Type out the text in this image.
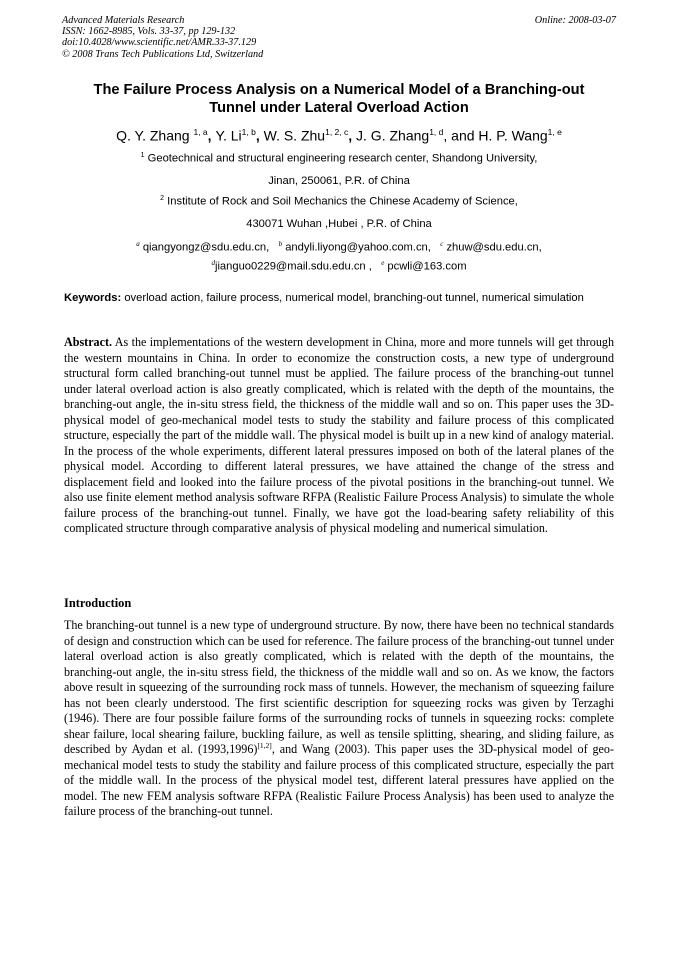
Advanced Materials Research
ISSN: 1662-8985, Vols. 33-37, pp 129-132
doi:10.4028/www.scientific.net/AMR.33-37.129
© 2008 Trans Tech Publications Ltd, Switzerland
Online: 2008-03-07
The Failure Process Analysis on a Numerical Model of a Branching-out
Tunnel under Lateral Overload Action
Q. Y. Zhang $^{1, a}$, Y. Li$^{1, b}$, W. S. Zhu$^{1, 2, c}$, J. G. Zhang$^{1, d}$, and H. P. Wang$^{1, e}$
$^1$ Geotechnical and structural engineering research center, Shandong University,
Jinan, 250061, P.R. of China
$^2$ Institute of Rock and Soil Mechanics the Chinese Academy of Science,
430071 Wuhan ,Hubei , P.R. of China
$^a$ qiangyongz@sdu.edu.cn, $^b$ andyli.liyong@yahoo.com.cn, $^c$ zhuw@sdu.edu.cn,
$^d$jianguo0229@mail.sdu.edu.cn , $^e$ pcwli@163.com
Keywords: overload action, failure process, numerical model, branching-out tunnel, numerical simulation
Abstract. As the implementations of the western development in China, more and more tunnels will get through the western mountains in China. In order to economize the construction costs, a new type of underground structural form called branching-out tunnel must be applied. The failure process of the branching-out tunnel under lateral overload action is also greatly complicated, which is related with the depth of the mountains, the branching-out angle, the in-situ stress field, the thickness of the middle wall and so on. This paper uses the 3D-physical model of geo-mechanical model tests to study the stability and failure process of this complicated structure, especially the part of the middle wall. The physical model is built up in a new kind of analogy material. In the process of the whole experiments, different lateral pressures imposed on both of the lateral planes of the physical model. According to different lateral pressures, we have attained the change of the stress and displacement field and looked into the failure process of the pivotal positions in the branching-out tunnel. We also use finite element method analysis software RFPA (Realistic Failure Process Analysis) to simulate the whole failure process of the branching-out tunnel. Finally, we have got the load-bearing safety reliability of this complicated structure through comparative analysis of physical modeling and numerical simulation.
Introduction
The branching-out tunnel is a new type of underground structure. By now, there have been no technical standards of design and construction which can be used for reference. The failure process of the branching-out tunnel under lateral overload action is also greatly complicated, which is related with the depth of the mountains, the branching-out angle, the in-situ stress field, the thickness of the middle wall and so on. As we know, the factors above result in squeezing of the surrounding rock mass of tunnels. However, the mechanism of squeezing failure has not been clearly understood. The first scientific description for squeezing rocks was given by Terzaghi (1946). There are four possible failure forms of the surrounding rocks of tunnels in squeezing rocks: complete shear failure, local shearing failure, buckling failure, as well as tensile splitting, shearing, and sliding failure, as described by Aydan et al. (1993,1996)[1,2], and Wang (2003). This paper uses the 3D-physical model of geo-mechanical model tests to study the stability and failure process of this complicated structure, especially the part of the middle wall. In the process of the physical model test, different lateral pressures have applied on the model. The new FEM analysis software RFPA (Realistic Failure Process Analysis) has been used to analyze the failure process of the branching-out tunnel.
